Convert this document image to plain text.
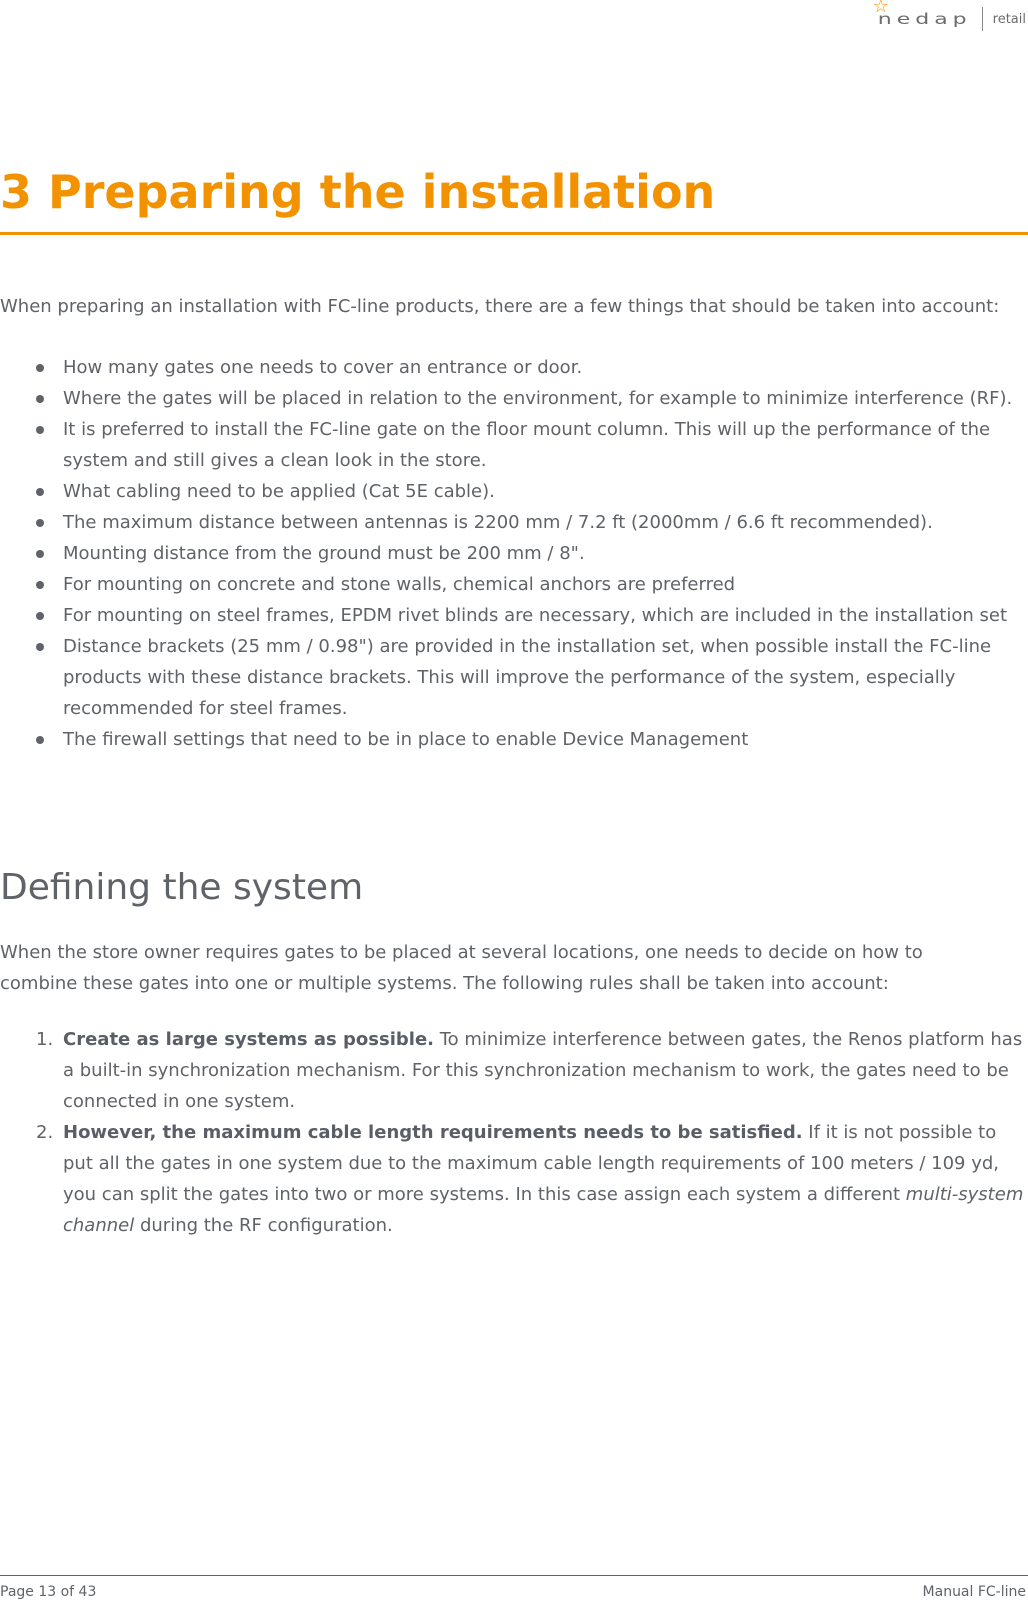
☆
nedap retail
3 Preparing the installation

When preparing an installation with FC-line products, there are a few things that should be taken into account:

How many gates one needs to cover an entrance or door.
Where the gates will be placed in relation to the environment, for example to minimize interference (RF).
It is preferred to install the FC-line gate on the floor mount column. This will up the performance of the system and still gives a clean look in the store.
What cabling need to be applied (Cat 5E cable).
The maximum distance between antennas is 2200 mm / 7.2 ft (2000mm / 6.6 ft recommended).
Mounting distance from the ground must be 200 mm / 8".
For mounting on concrete and stone walls, chemical anchors are preferred
For mounting on steel frames, EPDM rivet blinds are necessary, which are included in the installation set
Distance brackets (25 mm / 0.98") are provided in the installation set, when possible install the FC-line products with these distance brackets. This will improve the performance of the system, especially recommended for steel frames.
The firewall settings that need to be in place to enable Device Management
Defining the system

When the store owner requires gates to be placed at several locations, one needs to decide on how to combine these gates into one or multiple systems. The following rules shall be taken into account:

1. Create as large systems as possible. To minimize interference between gates, the Renos platform has a built-in synchronization mechanism. For this synchronization mechanism to work, the gates need to be connected in one system.
2. However, the maximum cable length requirements needs to be satisfied. If it is not possible to put all the gates in one system due to the maximum cable length requirements of 100 meters / 109 yd, you can split the gates into two or more systems. In this case assign each system a different multi-system channel during the RF configuration.
Page 13 of 43	Manual FC-line
